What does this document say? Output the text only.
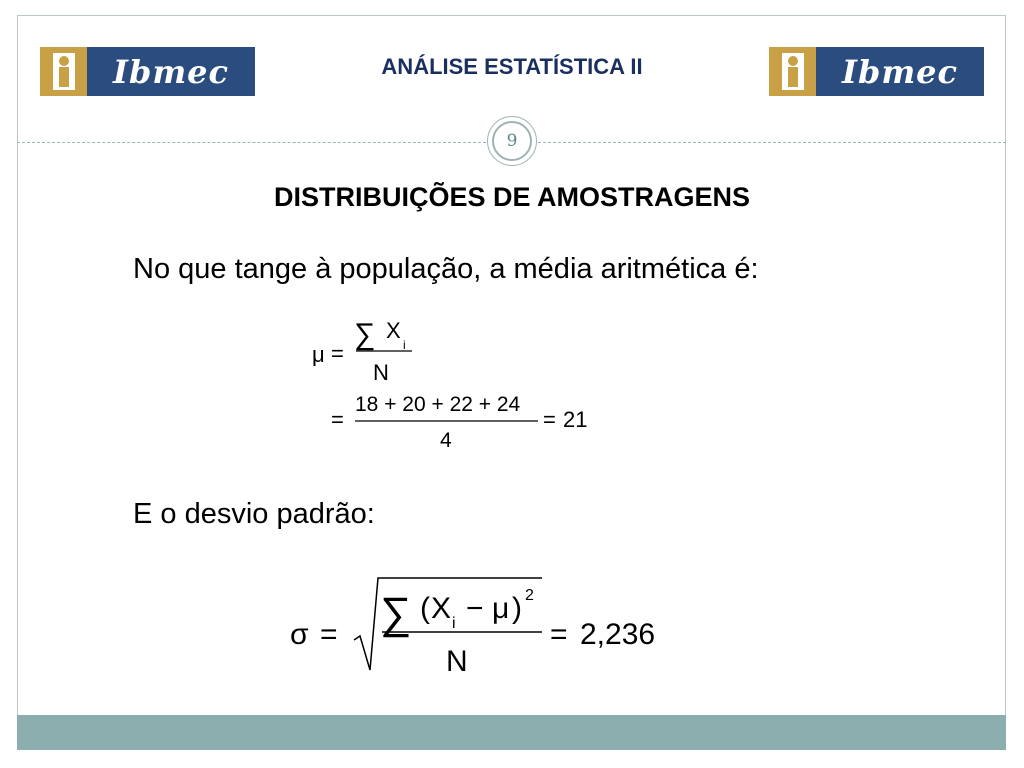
Ibmec	ANÁLISE ESTATÍSTICA II	Ibmec
9
DISTRIBUIÇÕES DE AMOSTRAGENS
No que tange à população, a média aritmética é:
μ =
∑ X
i
N
=
18 + 20 + 22 + 24
4
= 21
E o desvio padrão:
σ = ∑ ( X i − μ ) 2
N
= 2,236
